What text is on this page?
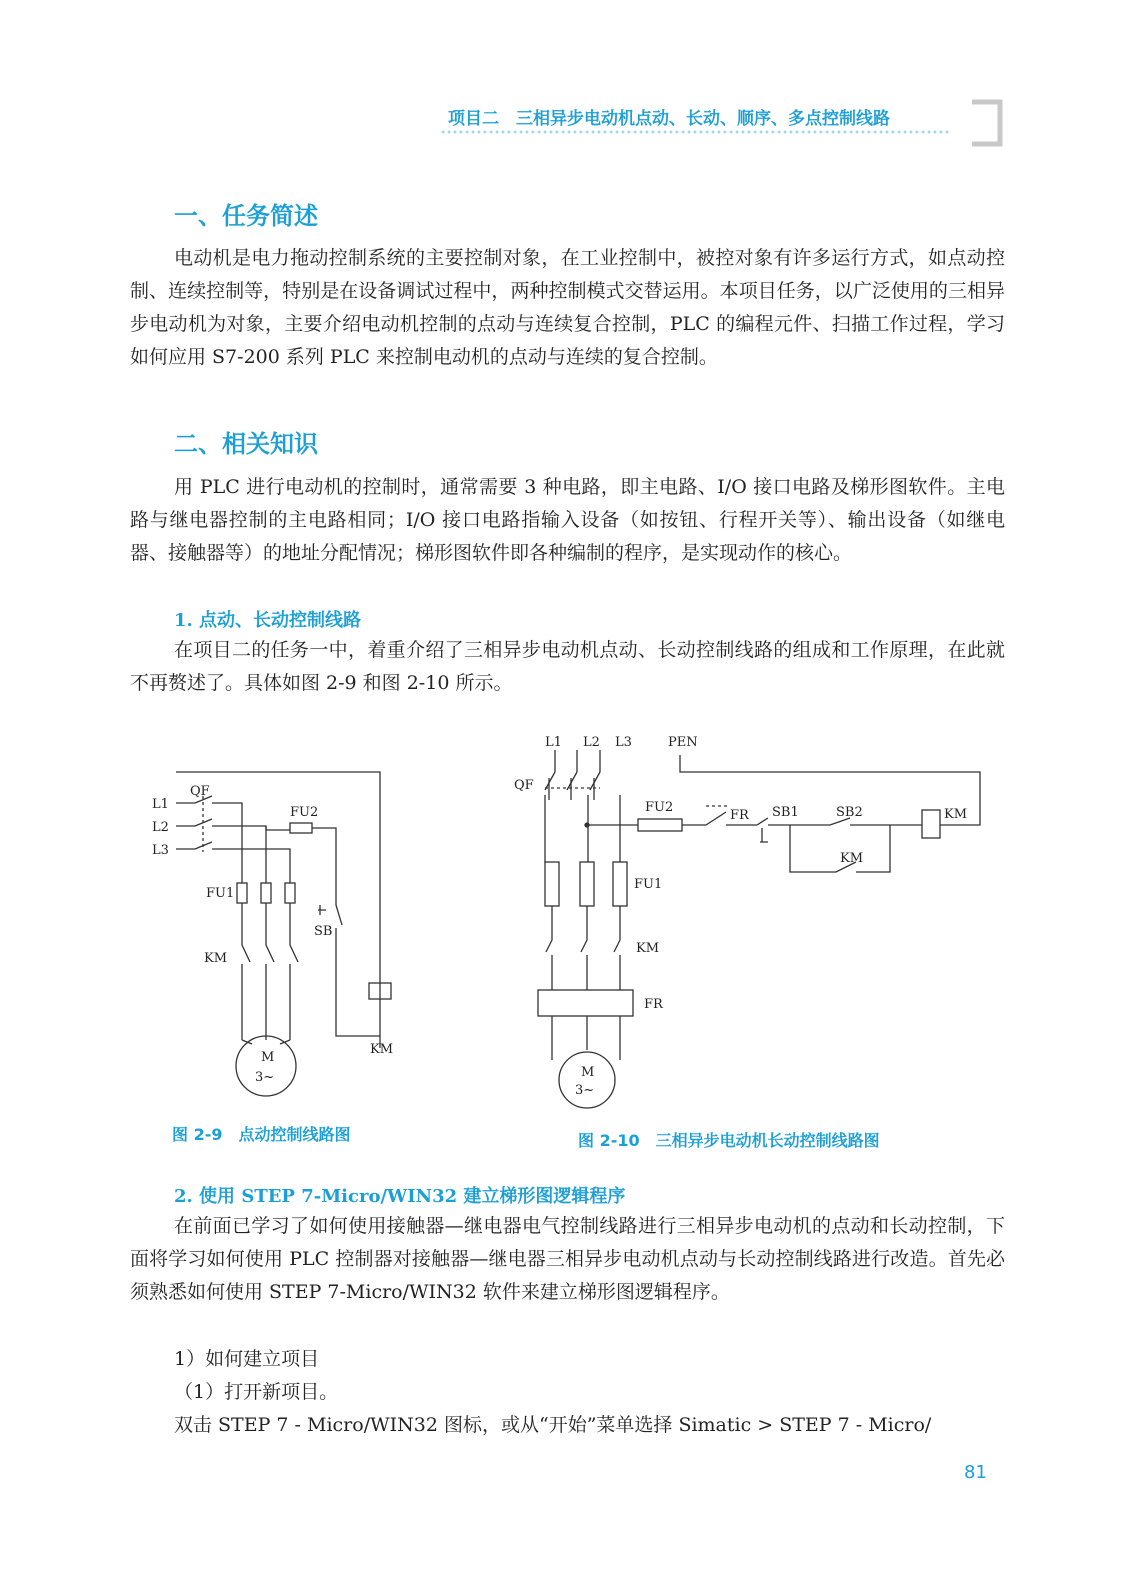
项目二　三相异步电动机点动、长动、顺序、多点控制线路
一、任务简述

电动机是电力拖动控制系统的主要控制对象，在工业控制中，被控对象有许多运行方式，如点动控制、连续控制等，特别是在设备调试过程中，两种控制模式交替运用。本项目任务，以广泛使用的三相异步电动机为对象，主要介绍电动机控制的点动与连续复合控制，PLC 的编程元件、扫描工作过程，学习如何应用 S7-200 系列 PLC 来控制电动机的点动与连续的复合控制。

二、相关知识

用 PLC 进行电动机的控制时，通常需要 3 种电路，即主电路、I/O 接口电路及梯形图软件。主电路与继电器控制的主电路相同；I/O 接口电路指输入设备（如按钮、行程开关等）、输出设备（如继电器、接触器等）的地址分配情况；梯形图软件即各种编制的程序，是实现动作的核心。

1. 点动、长动控制线路

在项目二的任务一中，着重介绍了三相异步电动机点动、长动控制线路的组成和工作原理，在此就不再赘述了。具体如图 2-9 和图 2-10 所示。

QF
L1
L2
L3
FU1
FU2
SB
KM
KM
M
3~
图 2-9　点动控制线路图
L1 L2 L3	PEN
QF
FU2
FR SB1	SB2	KM
KM
FU1
KM
FR
M
3~
图 2-10　三相异步电动机长动控制线路图
2. 使用 STEP 7-Micro/WIN32 建立梯形图逻辑程序

在前面已学习了如何使用接触器—继电器电气控制线路进行三相异步电动机的点动和长动控制，下面将学习如何使用 PLC 控制器对接触器—继电器三相异步电动机点动与长动控制线路进行改造。首先必须熟悉如何使用 STEP 7-Micro/WIN32 软件来建立梯形图逻辑程序。

1）如何建立项目

（1）打开新项目。

双击 STEP 7 - Micro/WIN32 图标，或从“开始”菜单选择 Simatic > STEP 7 - Micro/

81
